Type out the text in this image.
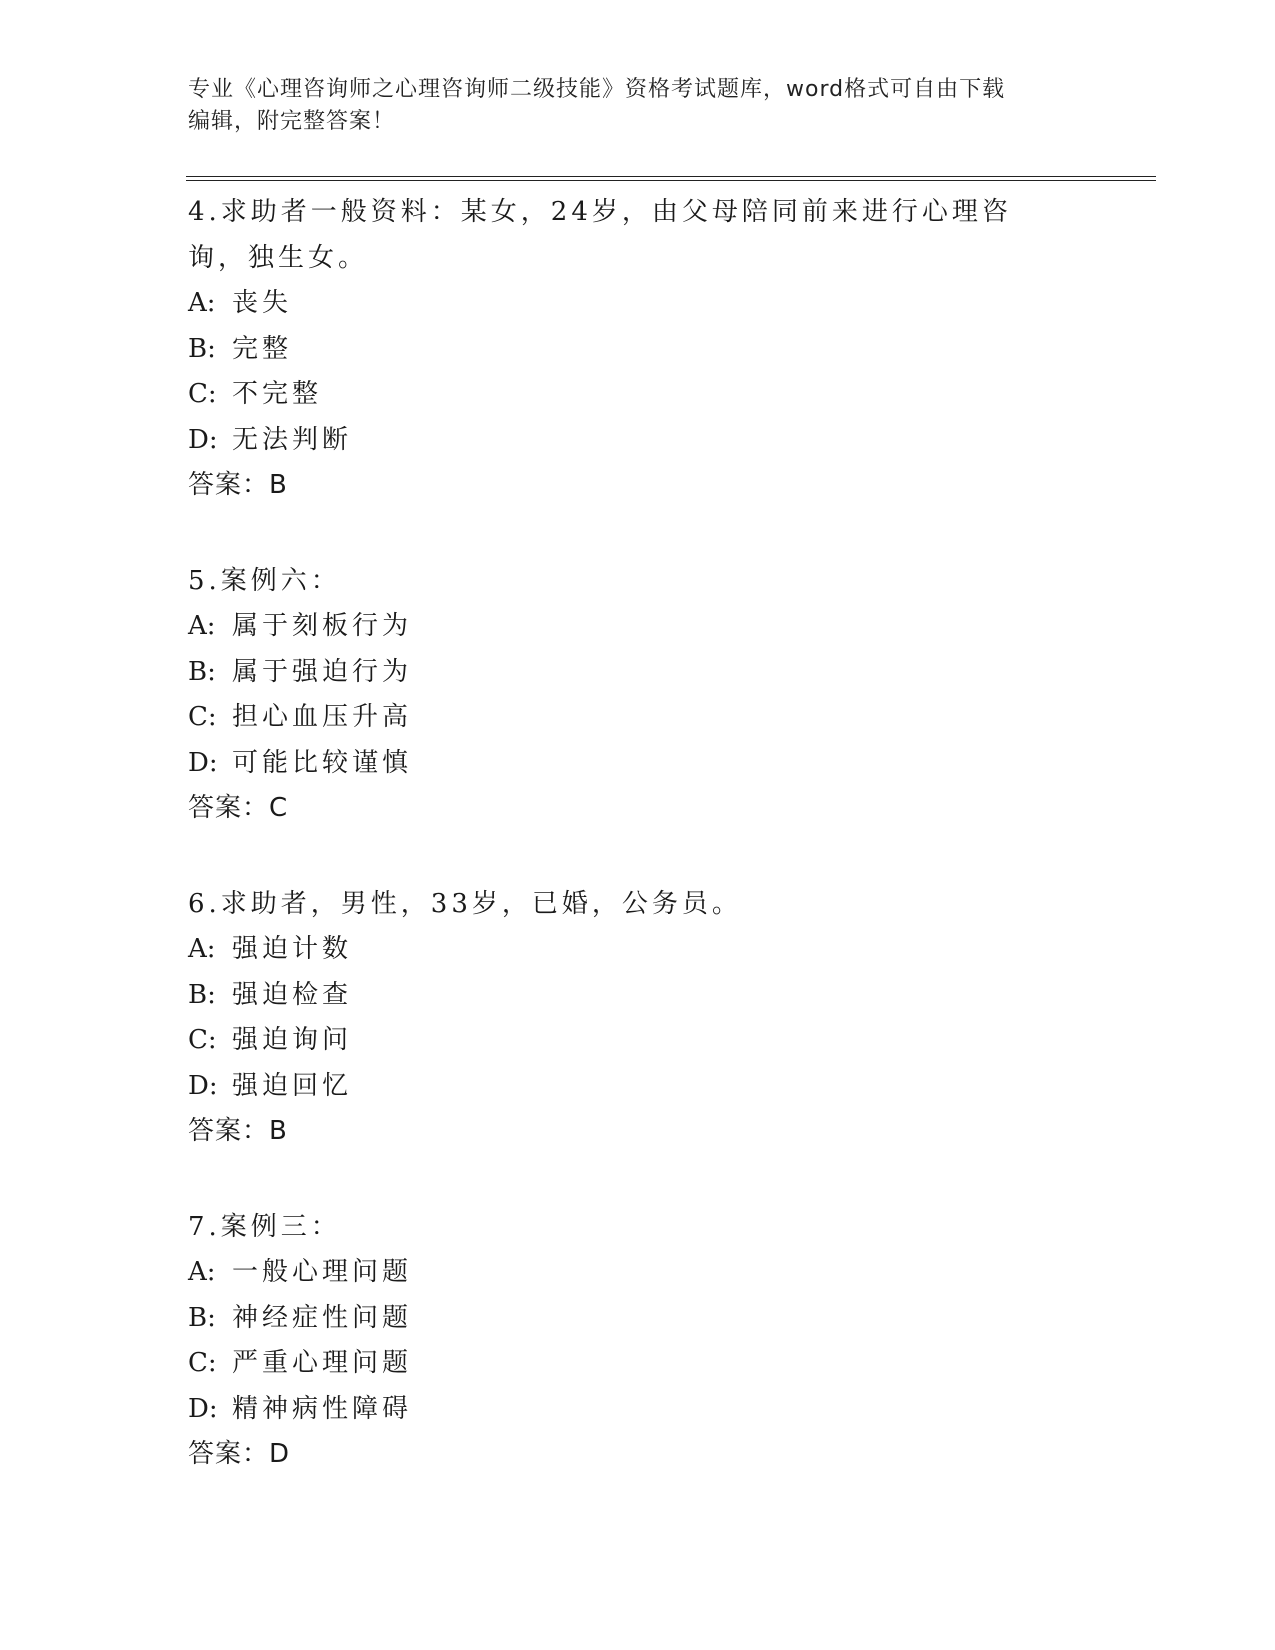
专业《心理咨询师之心理咨询师二级技能》资格考试题库，word格式可自由下载
编辑，附完整答案！
4.求助者一般资料：某女，24岁，由父母陪同前来进行心理咨询，独生女。
A: 丧失
B: 完整
C: 不完整
D: 无法判断
答案：B
5.案例六：
A: 属于刻板行为
B: 属于强迫行为
C: 担心血压升高
D: 可能比较谨慎
答案：C
6.求助者，男性，33岁，已婚，公务员。
A: 强迫计数
B: 强迫检查
C: 强迫询问
D: 强迫回忆
答案：B
7.案例三：
A: 一般心理问题
B: 神经症性问题
C: 严重心理问题
D: 精神病性障碍
答案：D
